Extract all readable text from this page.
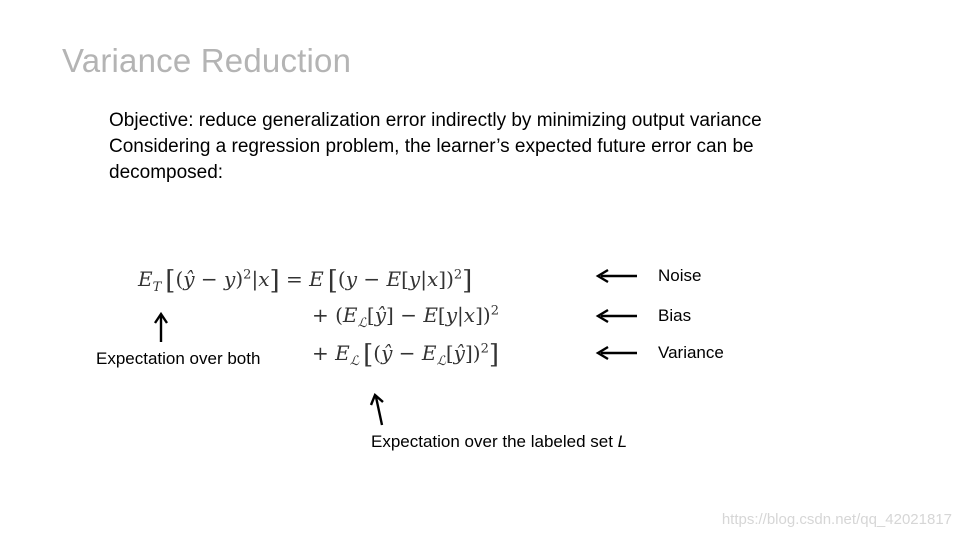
Variance Reduction
Objective: reduce generalization error indirectly by minimizing output variance
Considering a regression problem, the learner’s expected future error can be
decomposed:
$E_T$  [(ŷ − y)$^2$|x] = E  $[(y - E[y|x])^2]$
+ $(E_ℒ[ŷ] - E[y|x])^2$
+ $E_ℒ$  [(ŷ − $E_ℒ[ŷ])^2$]
Noise
Bias
Variance
Expectation over both
Expectation over the labeled set L
https://blog.csdn.net/qq_42021817
